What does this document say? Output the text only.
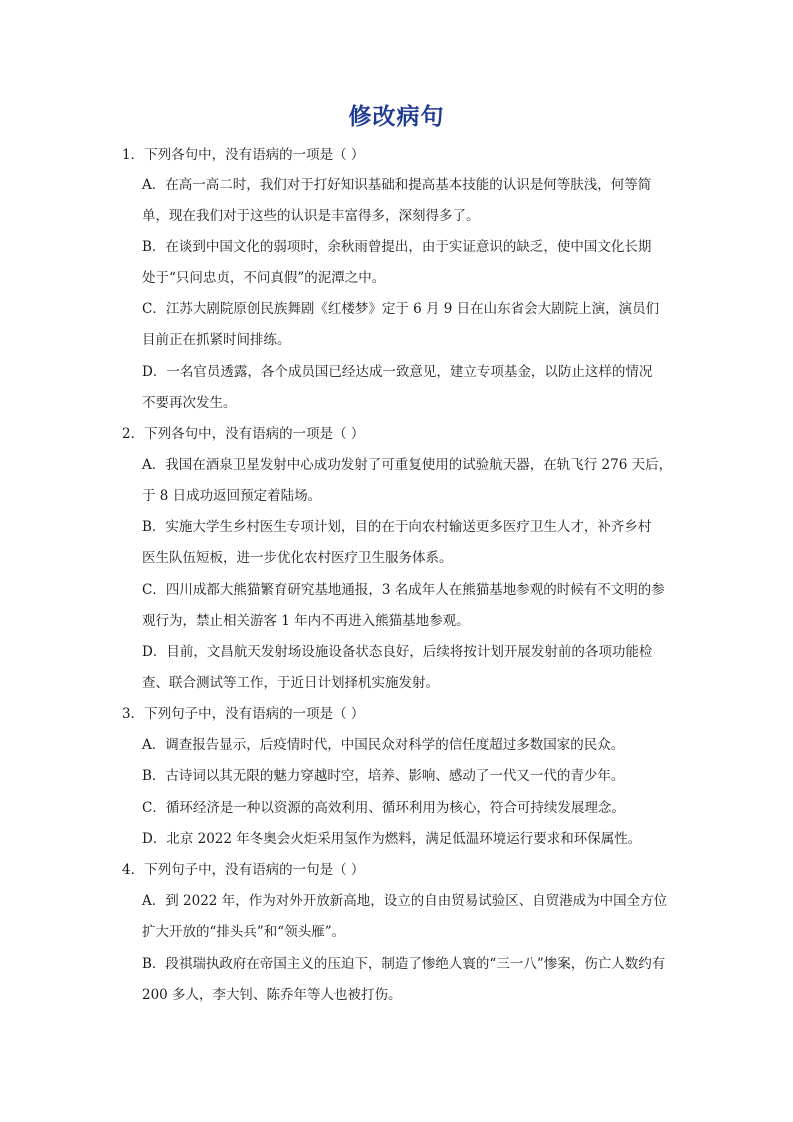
修改病句
1．下列各句中，没有语病的一项是（ ）
A．在高一高二时，我们对于打好知识基础和提高基本技能的认识是何等肤浅，何等简
单，现在我们对于这些的认识是丰富得多，深刻得多了。
B．在谈到中国文化的弱项时，余秋雨曾提出，由于实证意识的缺乏，使中国文化长期
处于“只问忠贞，不问真假”的泥潭之中。
C．江苏大剧院原创民族舞剧《红楼梦》定于 6 月 9 日在山东省会大剧院上演，演员们
目前正在抓紧时间排练。
D．一名官员透露，各个成员国已经达成一致意见，建立专项基金，以防止这样的情况
不要再次发生。
2．下列各句中，没有语病的一项是（ ）
A．我国在酒泉卫星发射中心成功发射了可重复使用的试验航天器，在轨飞行 276 天后，
于 8 日成功返回预定着陆场。
B．实施大学生乡村医生专项计划，目的在于向农村输送更多医疗卫生人才，补齐乡村
医生队伍短板，进一步优化农村医疗卫生服务体系。
C．四川成都大熊猫繁育研究基地通报，3 名成年人在熊猫基地参观的时候有不文明的参
观行为，禁止相关游客 1 年内不再进入熊猫基地参观。
D．目前，文昌航天发射场设施设备状态良好，后续将按计划开展发射前的各项功能检
查、联合测试等工作，于近日计划择机实施发射。
3．下列句子中，没有语病的一项是（ ）
A．调查报告显示，后疫情时代，中国民众对科学的信任度超过多数国家的民众。
B．古诗词以其无限的魅力穿越时空，培养、影响、感动了一代又一代的青少年。
C．循环经济是一种以资源的高效利用、循环利用为核心，符合可持续发展理念。
D．北京 2022 年冬奥会火炬采用氢作为燃料，满足低温环境运行要求和环保属性。
4．下列句子中，没有语病的一句是（ ）
A．到 2022 年，作为对外开放新高地，设立的自由贸易试验区、自贸港成为中国全方位
扩大开放的“排头兵”和“领头雁”。
B．段祺瑞执政府在帝国主义的压迫下，制造了惨绝人寰的“三一八”惨案，伤亡人数约有
200 多人，李大钊、陈乔年等人也被打伤。
